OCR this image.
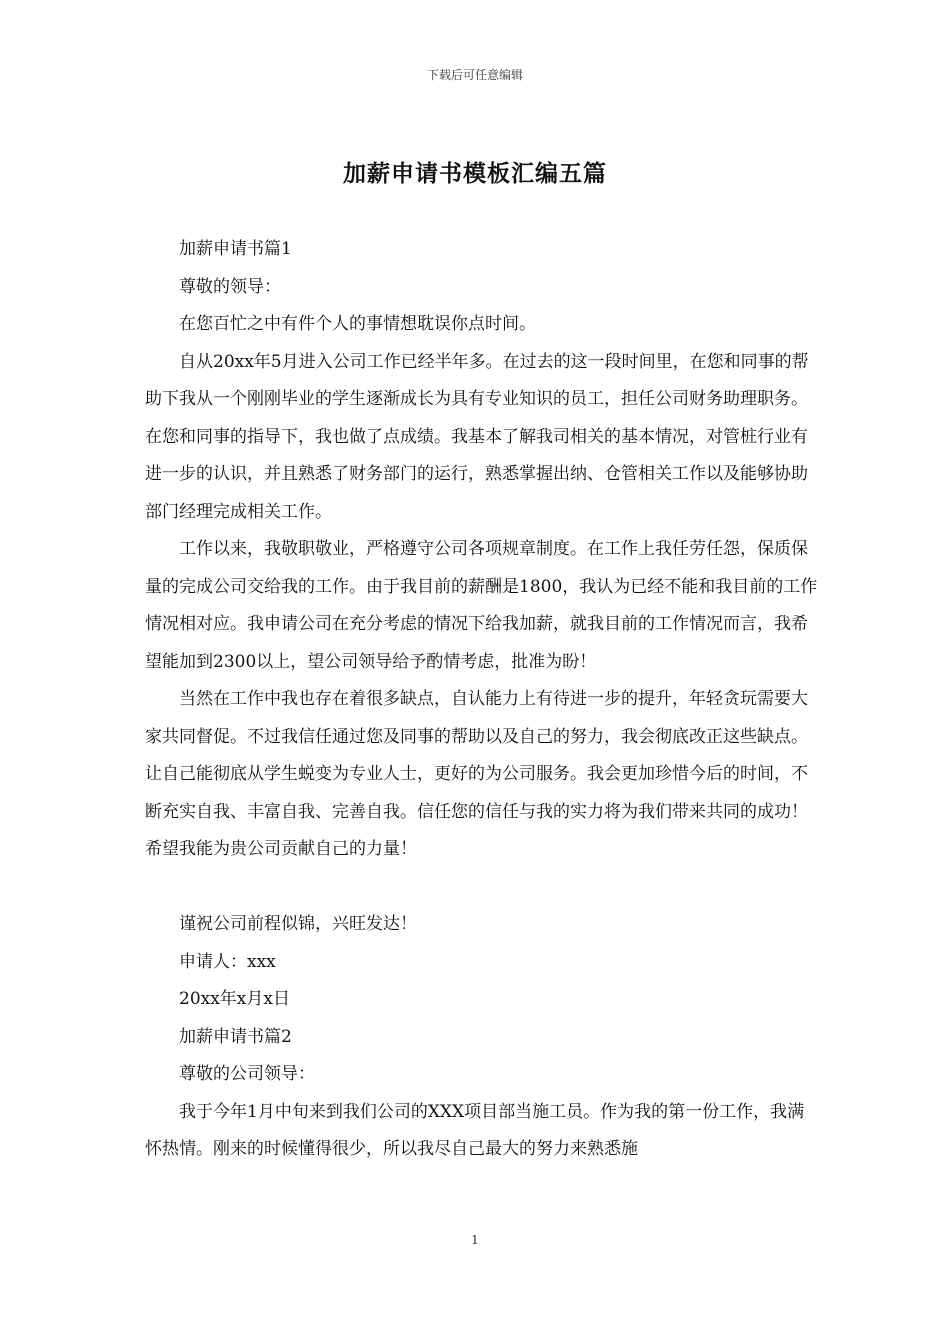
下载后可任意编辑
加薪申请书模板汇编五篇

加薪申请书篇1

尊敬的领导：

在您百忙之中有件个人的事情想耽误你点时间。

自从20xx年5月进入公司工作已经半年多。在过去的这一段时间里，在您和同事的帮助下我从一个刚刚毕业的学生逐渐成长为具有专业知识的员工，担任公司财务助理职务。在您和同事的指导下，我也做了点成绩。我基本了解我司相关的基本情况，对管桩行业有进一步的认识，并且熟悉了财务部门的运行，熟悉掌握出纳、仓管相关工作以及能够协助部门经理完成相关工作。

工作以来，我敬职敬业，严格遵守公司各项规章制度。在工作上我任劳任怨，保质保量的完成公司交给我的工作。由于我目前的薪酬是1800，我认为已经不能和我目前的工作情况相对应。我申请公司在充分考虑的情况下给我加薪，就我目前的工作情况而言，我希望能加到2300以上，望公司领导给予酌情考虑，批准为盼！

当然在工作中我也存在着很多缺点，自认能力上有待进一步的提升，年轻贪玩需要大家共同督促。不过我信任通过您及同事的帮助以及自己的努力，我会彻底改正这些缺点。让自己能彻底从学生蜕变为专业人士，更好的为公司服务。我会更加珍惜今后的时间，不断充实自我、丰富自我、完善自我。信任您的信任与我的实力将为我们带来共同的成功！希望我能为贵公司贡献自己的力量！

谨祝公司前程似锦，兴旺发达！

申请人：xxx

20xx年x月x日

加薪申请书篇2

尊敬的公司领导：

我于今年1月中旬来到我们公司的XXX项目部当施工员。作为我的第一份工作，我满怀热情。刚来的时候懂得很少，所以我尽自己最大的努力来熟悉施

1
